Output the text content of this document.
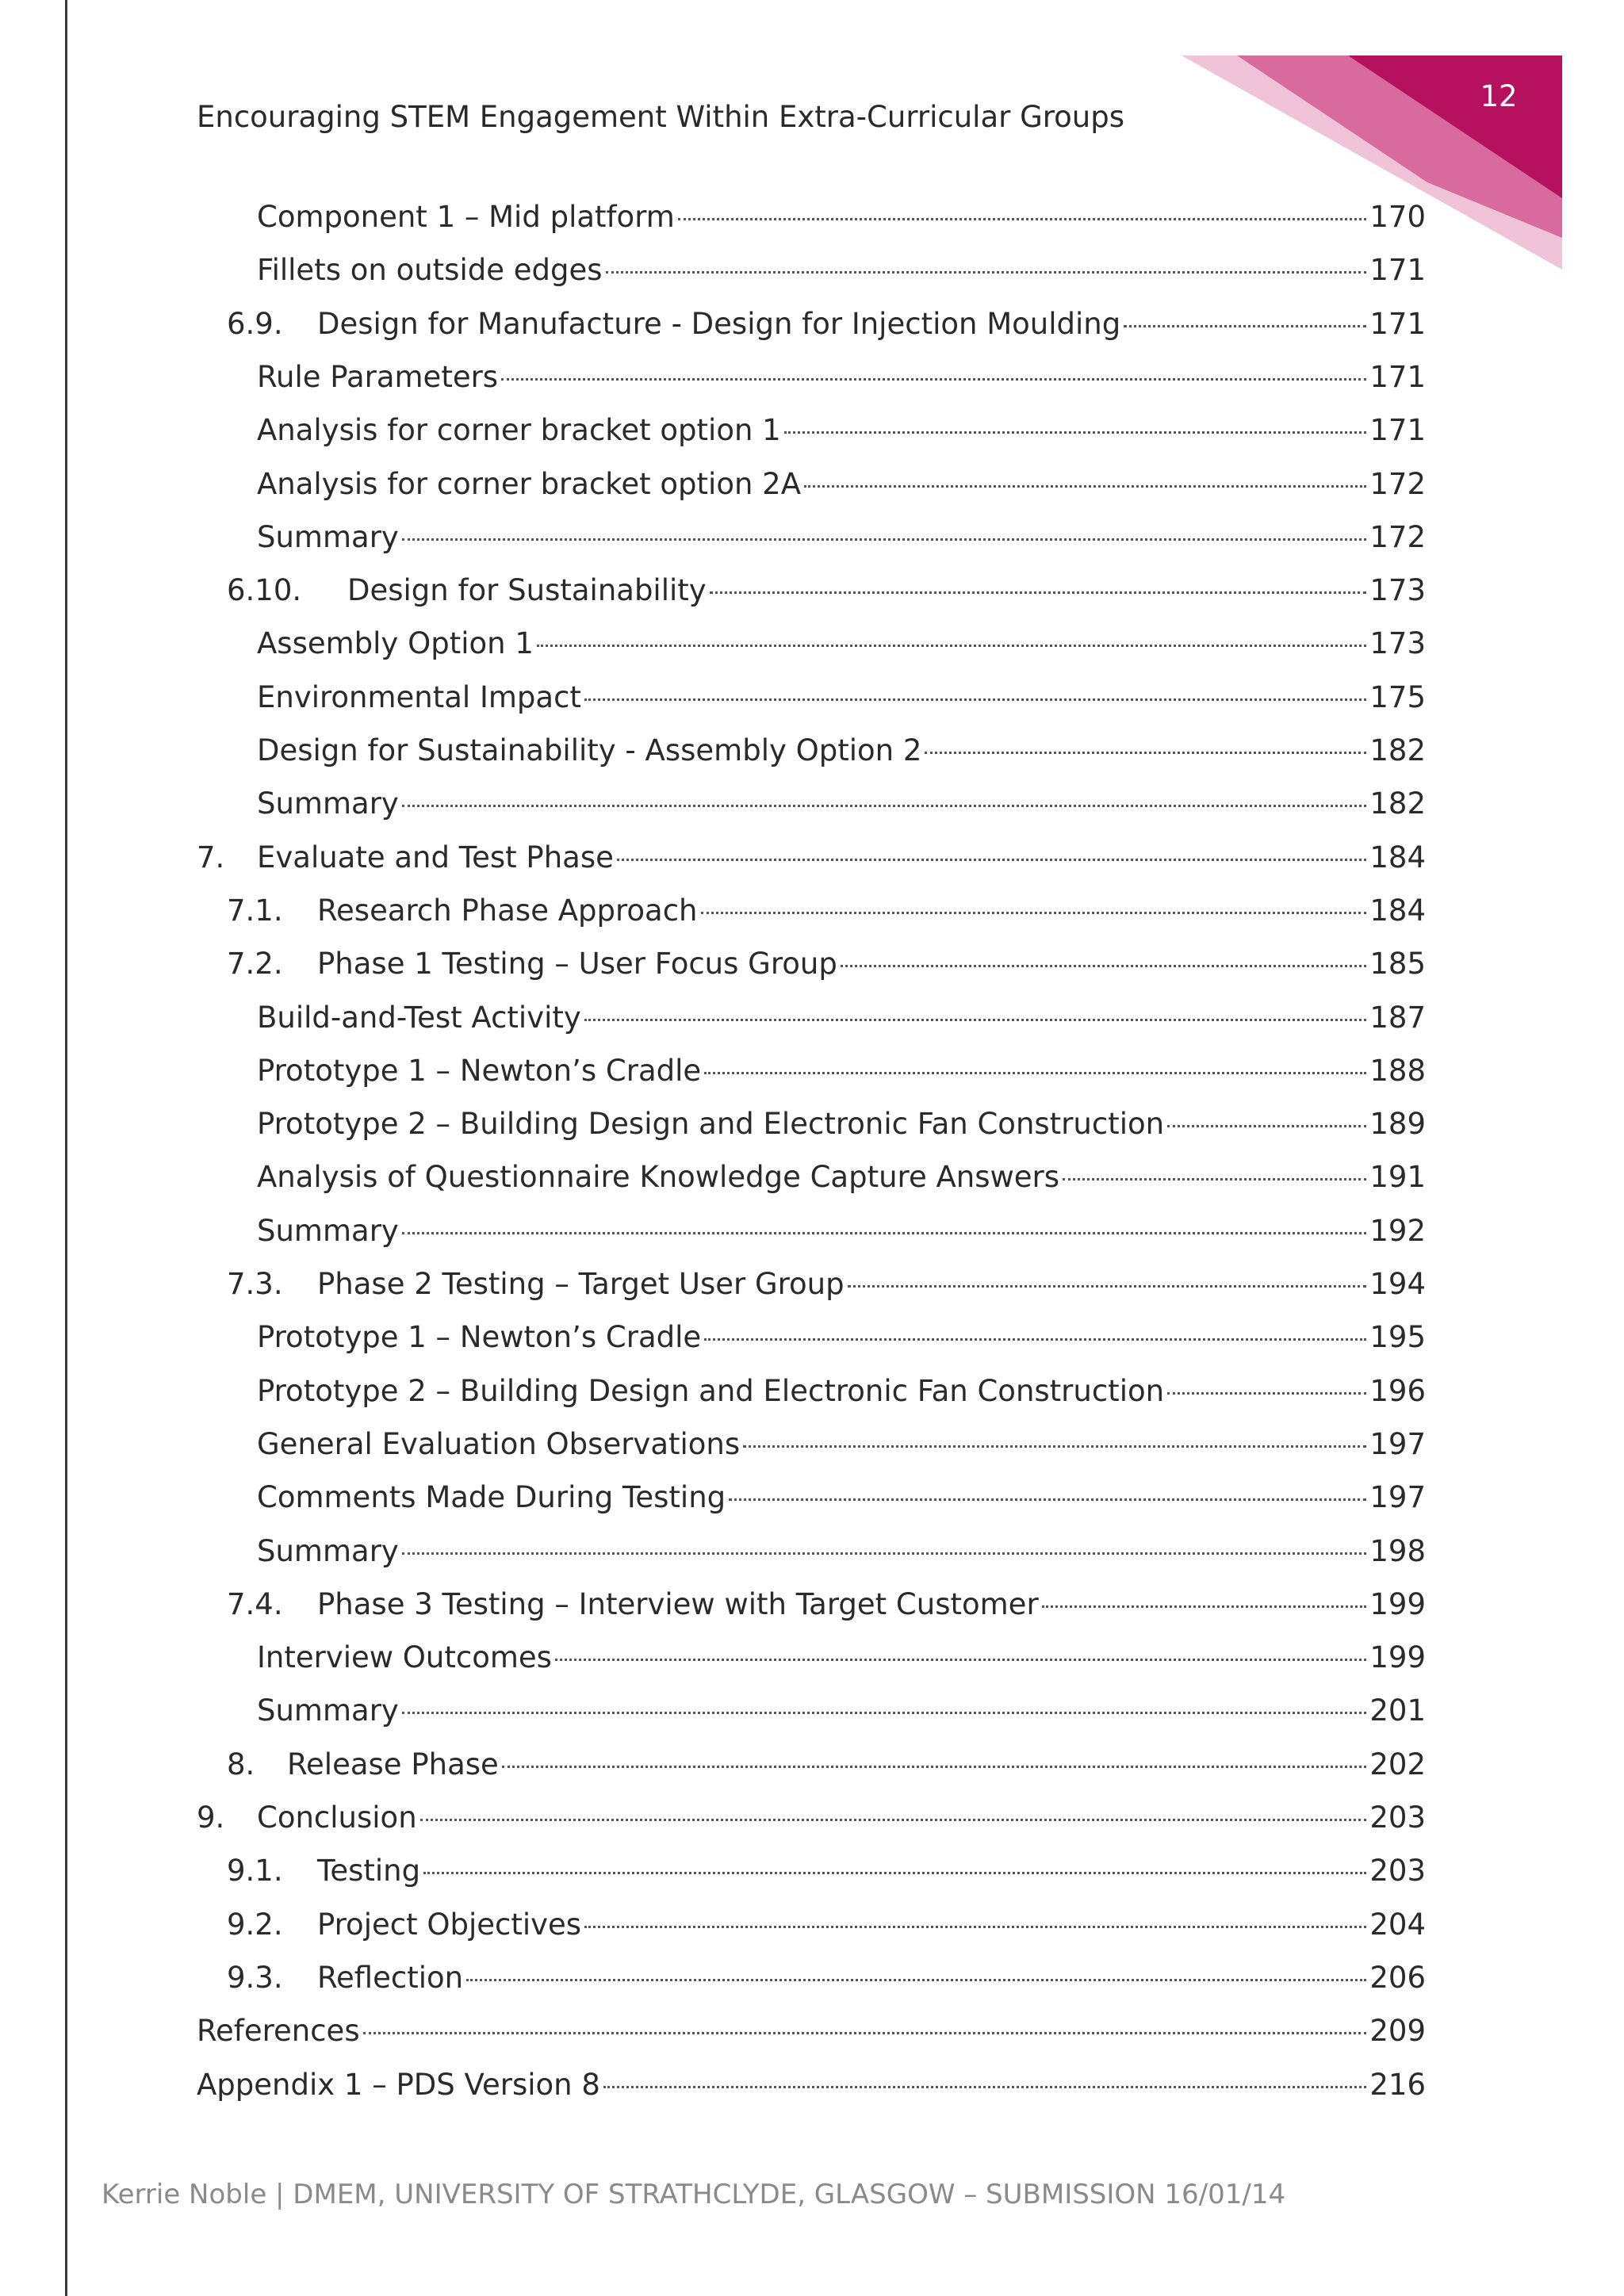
12
Encouraging STEM Engagement Within Extra-Curricular Groups
Component 1 – Mid platform	170
Fillets on outside edges	171
6.9.	Design for Manufacture - Design for Injection Moulding	171
Rule Parameters	171
Analysis for corner bracket option 1	171
Analysis for corner bracket option 2A	172
Summary	172
6.10.	Design for Sustainability	173
Assembly Option 1	173
Environmental Impact	175
Design for Sustainability - Assembly Option 2	182
Summary	182
7.	Evaluate and Test Phase	184
7.1.	Research Phase Approach	184
7.2.	Phase 1 Testing – User Focus Group	185
Build-and-Test Activity	187
Prototype 1 – Newton’s Cradle	188
Prototype 2 – Building Design and Electronic Fan Construction	189
Analysis of Questionnaire Knowledge Capture Answers	191
Summary	192
7.3.	Phase 2 Testing – Target User Group	194
Prototype 1 – Newton’s Cradle	195
Prototype 2 – Building Design and Electronic Fan Construction	196
General Evaluation Observations	197
Comments Made During Testing	197
Summary	198
7.4.	Phase 3 Testing – Interview with Target Customer	199
Interview Outcomes	199
Summary	201
8.	Release Phase	202
9.	Conclusion	203
9.1.	Testing	203
9.2.	Project Objectives	204
9.3.	Reflection	206
References	209
Appendix 1 – PDS Version 8	216
Kerrie Noble | DMEM, UNIVERSITY OF STRATHCLYDE, GLASGOW – SUBMISSION 16/01/14
